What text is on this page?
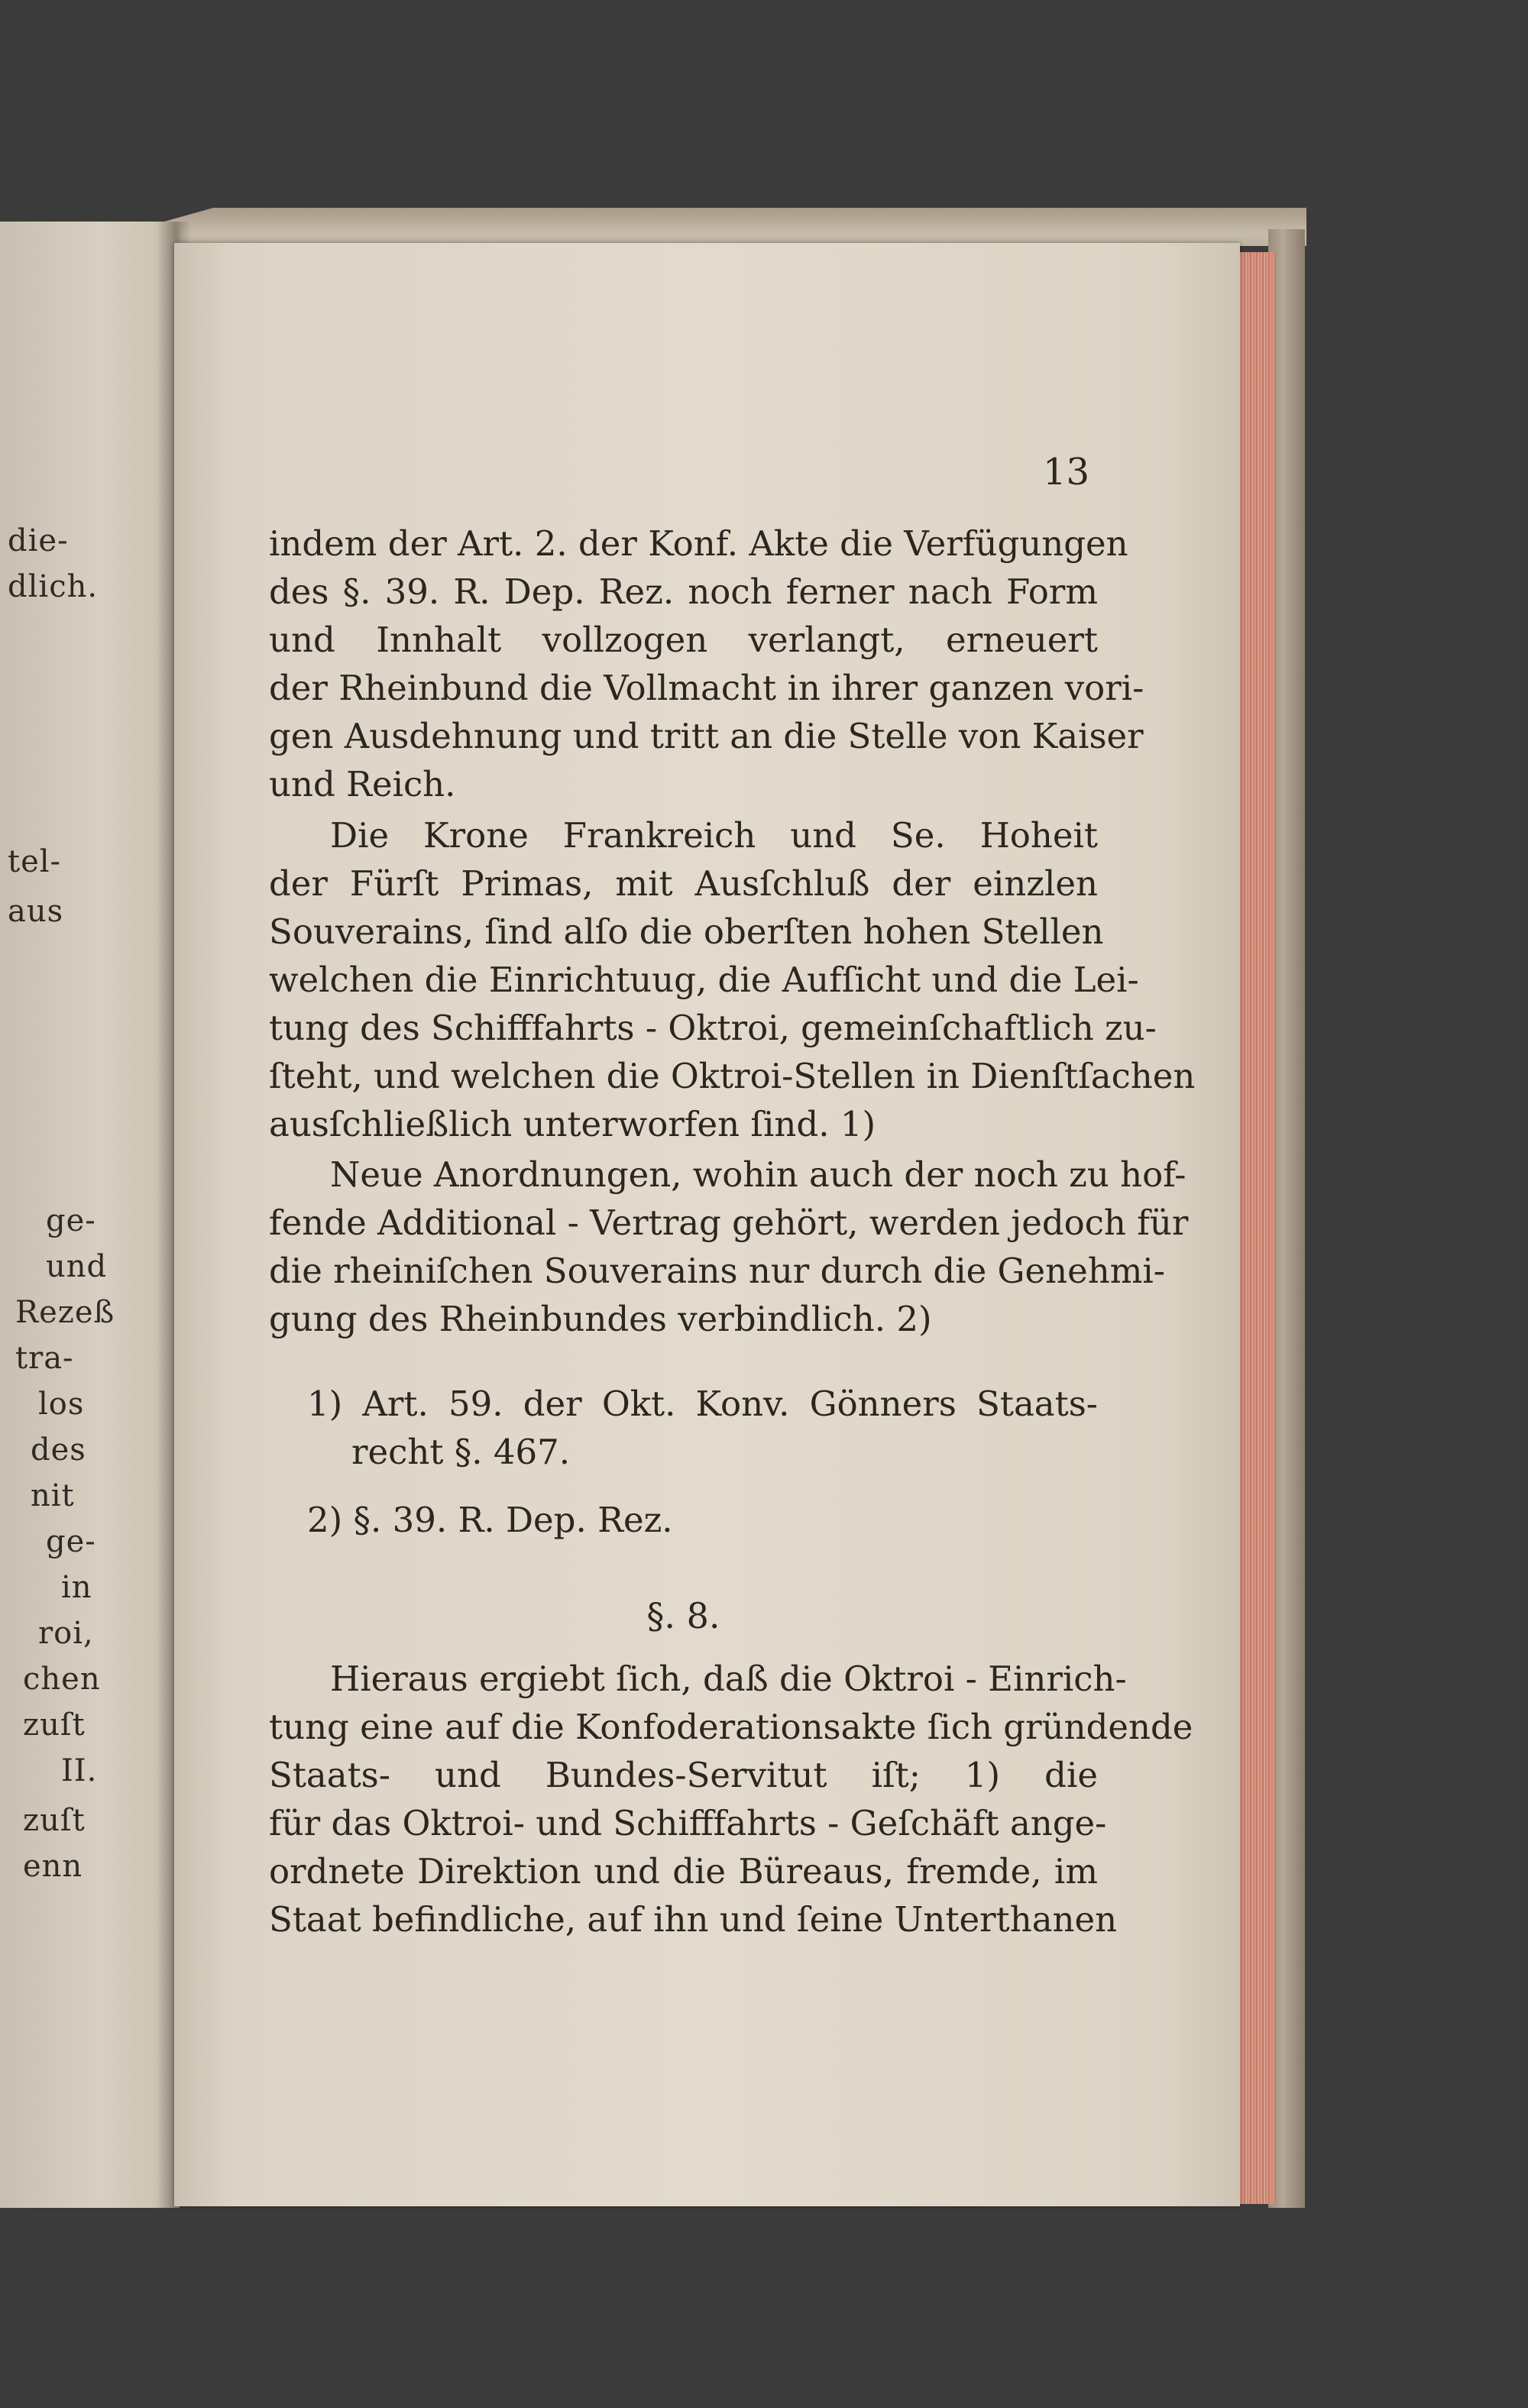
die-
dlich.
tel-
aus
ge-
und
Rezeß
tra-
los
des
nit
ge-
in
roi,
chen
zuſt
II.
zuſt
enn
13
indem der Art. 2. der Konf. Akte die Verfügungen
des §. 39. R. Dep. Rez. noch ferner nach Form
und Innhalt vollzogen verlangt, erneuert
der Rheinbund die Vollmacht in ihrer ganzen vori-
gen Ausdehnung und tritt an die Stelle von Kaiser
und Reich.
Die Krone Frankreich und Se. Hoheit
der Fürſt Primas, mit Ausſchluß der einzlen
Souverains, ſind alſo die oberſten hohen Stellen
welchen die Einrichtuug, die Aufſicht und die Lei-
tung des Schifffahrts - Oktroi, gemeinſchaftlich zu-
ſteht, und welchen die Oktroi-Stellen in Dienſtſachen
ausſchließlich unterworfen ſind. 1)
Neue Anordnungen, wohin auch der noch zu hof-
fende Additional - Vertrag gehört, werden jedoch für
die rheiniſchen Souverains nur durch die Genehmi-
gung des Rheinbundes verbindlich. 2)
1) Art. 59. der Okt. Konv. Gönners Staats-
recht §. 467.
2) §. 39. R. Dep. Rez.
§. 8.
Hieraus ergiebt ſich, daß die Oktroi - Einrich-
tung eine auf die Konfoderationsakte ſich gründende
Staats- und Bundes-Servitut iſt; 1) die
für das Oktroi- und Schifffahrts - Geſchäft ange-
ordnete Direktion und die Büreaus, fremde, im
Staat befindliche, auf ihn und ſeine Unterthanen
